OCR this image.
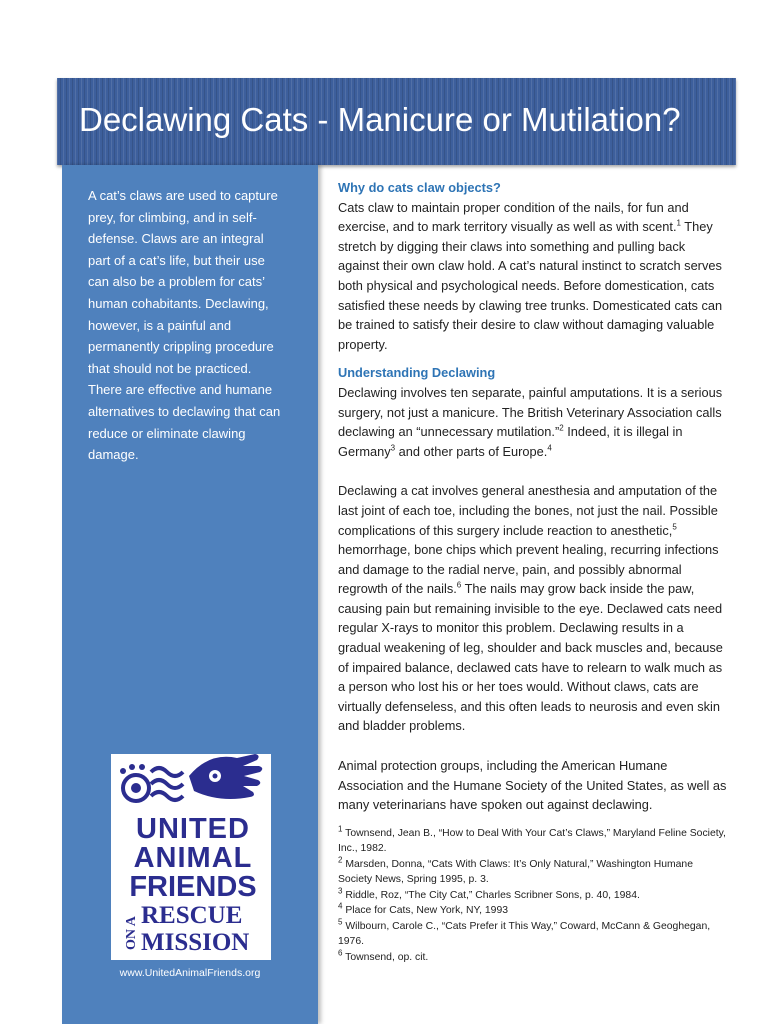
Declawing Cats - Manicure or Mutilation?

A cat’s claws are used to capture prey, for climbing, and in self-defense. Claws are an integral part of a cat’s life, but their use can also be a problem for cats’ human cohabitants. Declawing, however, is a painful and permanently crippling procedure that should not be practiced. There are effective and humane alternatives to declawing that can reduce or eliminate clawing damage.

UNITED
ANIMAL
FRIENDS
ON A
RESCUE
MISSION
www.UnitedAnimalFriends.org
Why do cats claw objects?

Cats claw to maintain proper condition of the nails, for fun and exercise, and to mark territory visually as well as with scent.$^1$ They stretch by digging their claws into something and pulling back against their own claw hold. A cat’s natural instinct to scratch serves both physical and psychological needs. Before domestication, cats satisfied these needs by clawing tree trunks. Domesticated cats can be trained to satisfy their desire to claw without damaging valuable property.

Understanding Declawing

Declawing involves ten separate, painful amputations. It is a serious surgery, not just a manicure. The British Veterinary Association calls declawing an “unnecessary mutilation.”$^2$ Indeed, it is illegal in Germany$^3$ and other parts of Europe.$^4$

Declawing a cat involves general anesthesia and amputation of the last joint of each toe, including the bones, not just the nail. Possible complications of this surgery include reaction to anesthetic,$^5$ hemorrhage, bone chips which prevent healing, recurring infections and damage to the radial nerve, pain, and possibly abnormal regrowth of the nails.$^6$ The nails may grow back inside the paw, causing pain but remaining invisible to the eye. Declawed cats need regular X-rays to monitor this problem. Declawing results in a gradual weakening of leg, shoulder and back muscles and, because of impaired balance, declawed cats have to relearn to walk much as a person who lost his or her toes would. Without claws, cats are virtually defenseless, and this often leads to neurosis and even skin and bladder problems.

Animal protection groups, including the American Humane Association and the Humane Society of the United States, as well as many veterinarians have spoken out against declawing.

$^1$ Townsend, Jean B., “How to Deal With Your Cat’s Claws,” Maryland Feline Society, Inc., 1982.
$^2$ Marsden, Donna, “Cats With Claws: It’s Only Natural,” Washington Humane Society News, Spring 1995, p. 3.
$^3$ Riddle, Roz, “The City Cat,” Charles Scribner Sons, p. 40, 1984.
$^4$ Place for Cats, New York, NY, 1993
$^5$ Wilbourn, Carole C., “Cats Prefer it This Way,” Coward, McCann & Geoghegan, 1976.
$^6$ Townsend, op. cit.
